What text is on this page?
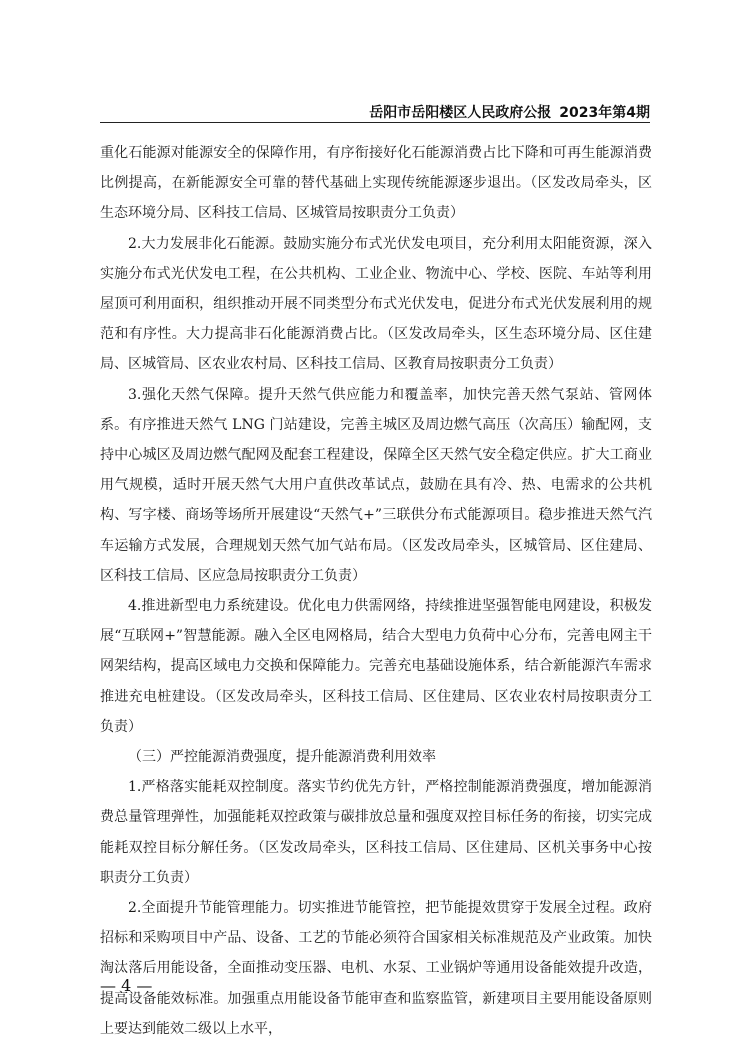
岳阳市岳阳楼区人民政府公报 2023年第4期

重化石能源对能源安全的保障作用，有序衔接好化石能源消费占比下降和可再生能源消费比例提高，在新能源安全可靠的替代基础上实现传统能源逐步退出。（区发改局牵头，区生态环境分局、区科技工信局、区城管局按职责分工负责）

2.大力发展非化石能源。鼓励实施分布式光伏发电项目，充分利用太阳能资源，深入实施分布式光伏发电工程，在公共机构、工业企业、物流中心、学校、医院、车站等利用屋顶可利用面积，组织推动开展不同类型分布式光伏发电，促进分布式光伏发展利用的规范和有序性。大力提高非石化能源消费占比。（区发改局牵头，区生态环境分局、区住建局、区城管局、区农业农村局、区科技工信局、区教育局按职责分工负责）

3.强化天然气保障。提升天然气供应能力和覆盖率，加快完善天然气泵站、管网体系。有序推进天然气 LNG 门站建设，完善主城区及周边燃气高压（次高压）输配网，支持中心城区及周边燃气配网及配套工程建设，保障全区天然气安全稳定供应。扩大工商业用气规模，适时开展天然气大用户直供改革试点，鼓励在具有冷、热、电需求的公共机构、写字楼、商场等场所开展建设“天然气+”三联供分布式能源项目。稳步推进天然气汽车运输方式发展，合理规划天然气加气站布局。（区发改局牵头，区城管局、区住建局、区科技工信局、区应急局按职责分工负责）

4.推进新型电力系统建设。优化电力供需网络，持续推进坚强智能电网建设，积极发展“互联网+”智慧能源。融入全区电网格局，结合大型电力负荷中心分布，完善电网主干网架结构，提高区域电力交换和保障能力。完善充电基础设施体系，结合新能源汽车需求推进充电桩建设。（区发改局牵头，区科技工信局、区住建局、区农业农村局按职责分工负责）

（三）严控能源消费强度，提升能源消费利用效率

1.严格落实能耗双控制度。落实节约优先方针，严格控制能源消费强度，增加能源消费总量管理弹性，加强能耗双控政策与碳排放总量和强度双控目标任务的衔接，切实完成能耗双控目标分解任务。（区发改局牵头，区科技工信局、区住建局、区机关事务中心按职责分工负责）

2.全面提升节能管理能力。切实推进节能管控，把节能提效贯穿于发展全过程。政府招标和采购项目中产品、设备、工艺的节能必须符合国家相关标准规范及产业政策。加快淘汰落后用能设备，全面推动变压器、电机、水泵、工业锅炉等通用设备能效提升改造，提高设备能效标准。加强重点用能设备节能审查和监察监管，新建项目主要用能设备原则上要达到能效二级以上水平，

— 4 —
